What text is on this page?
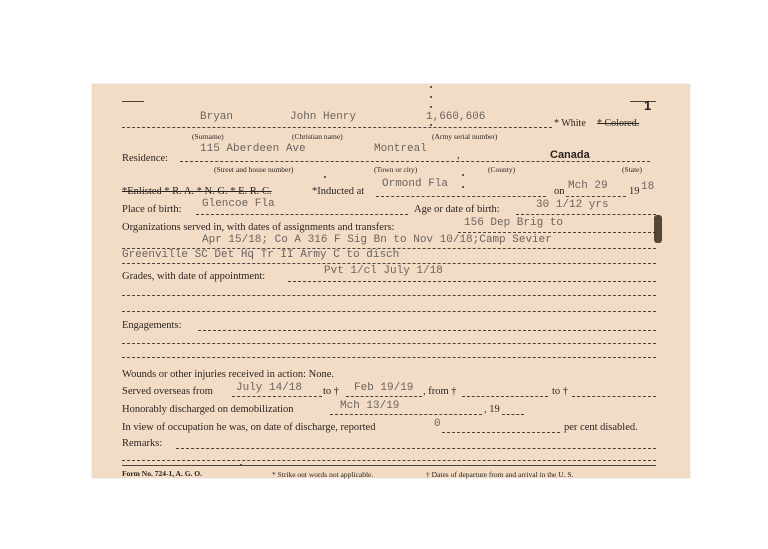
1
Bryan	John Henry	1,660,606
* White * Colored.
(Surname)	(Christian name)	(Army serial number)
Residence:
115 Aberdeen Ave	Montreal
,	Canada
(Street and house number)	(Town or city)	(County)	(State)
*Enlisted * R. A. * N. G. * E. R. C.	*Inducted at
Ormond Fla
on Mch 29 19 18
Place of birth: Glencoe Fla	Age or date of birth:	30 1/12 yrs
Organizations served in, with dates of assignments and transfers:	156 Dep Brig to
Apr 15/18; Co A 316 F Sig Bn to Nov 10/18;Camp Sevier
Greenville SC Det Hq Tr II Army C to disch
Grades, with date of appointment:	Pvt 1/cl July 1/18
Engagements:
Wounds or other injuries received in action: None.
Served overseas from July 14/18 to † Feb 19/19 , from †	to †
Honorably discharged on demobilization	Mch 13/19	, 19
In view of occupation he was, on date of discharge, reported	0	per cent disabled.
Remarks:
Form No. 724-1, A. G. O.	* Strike out words not applicable.	† Dates of departure from and arrival in the U. S.
